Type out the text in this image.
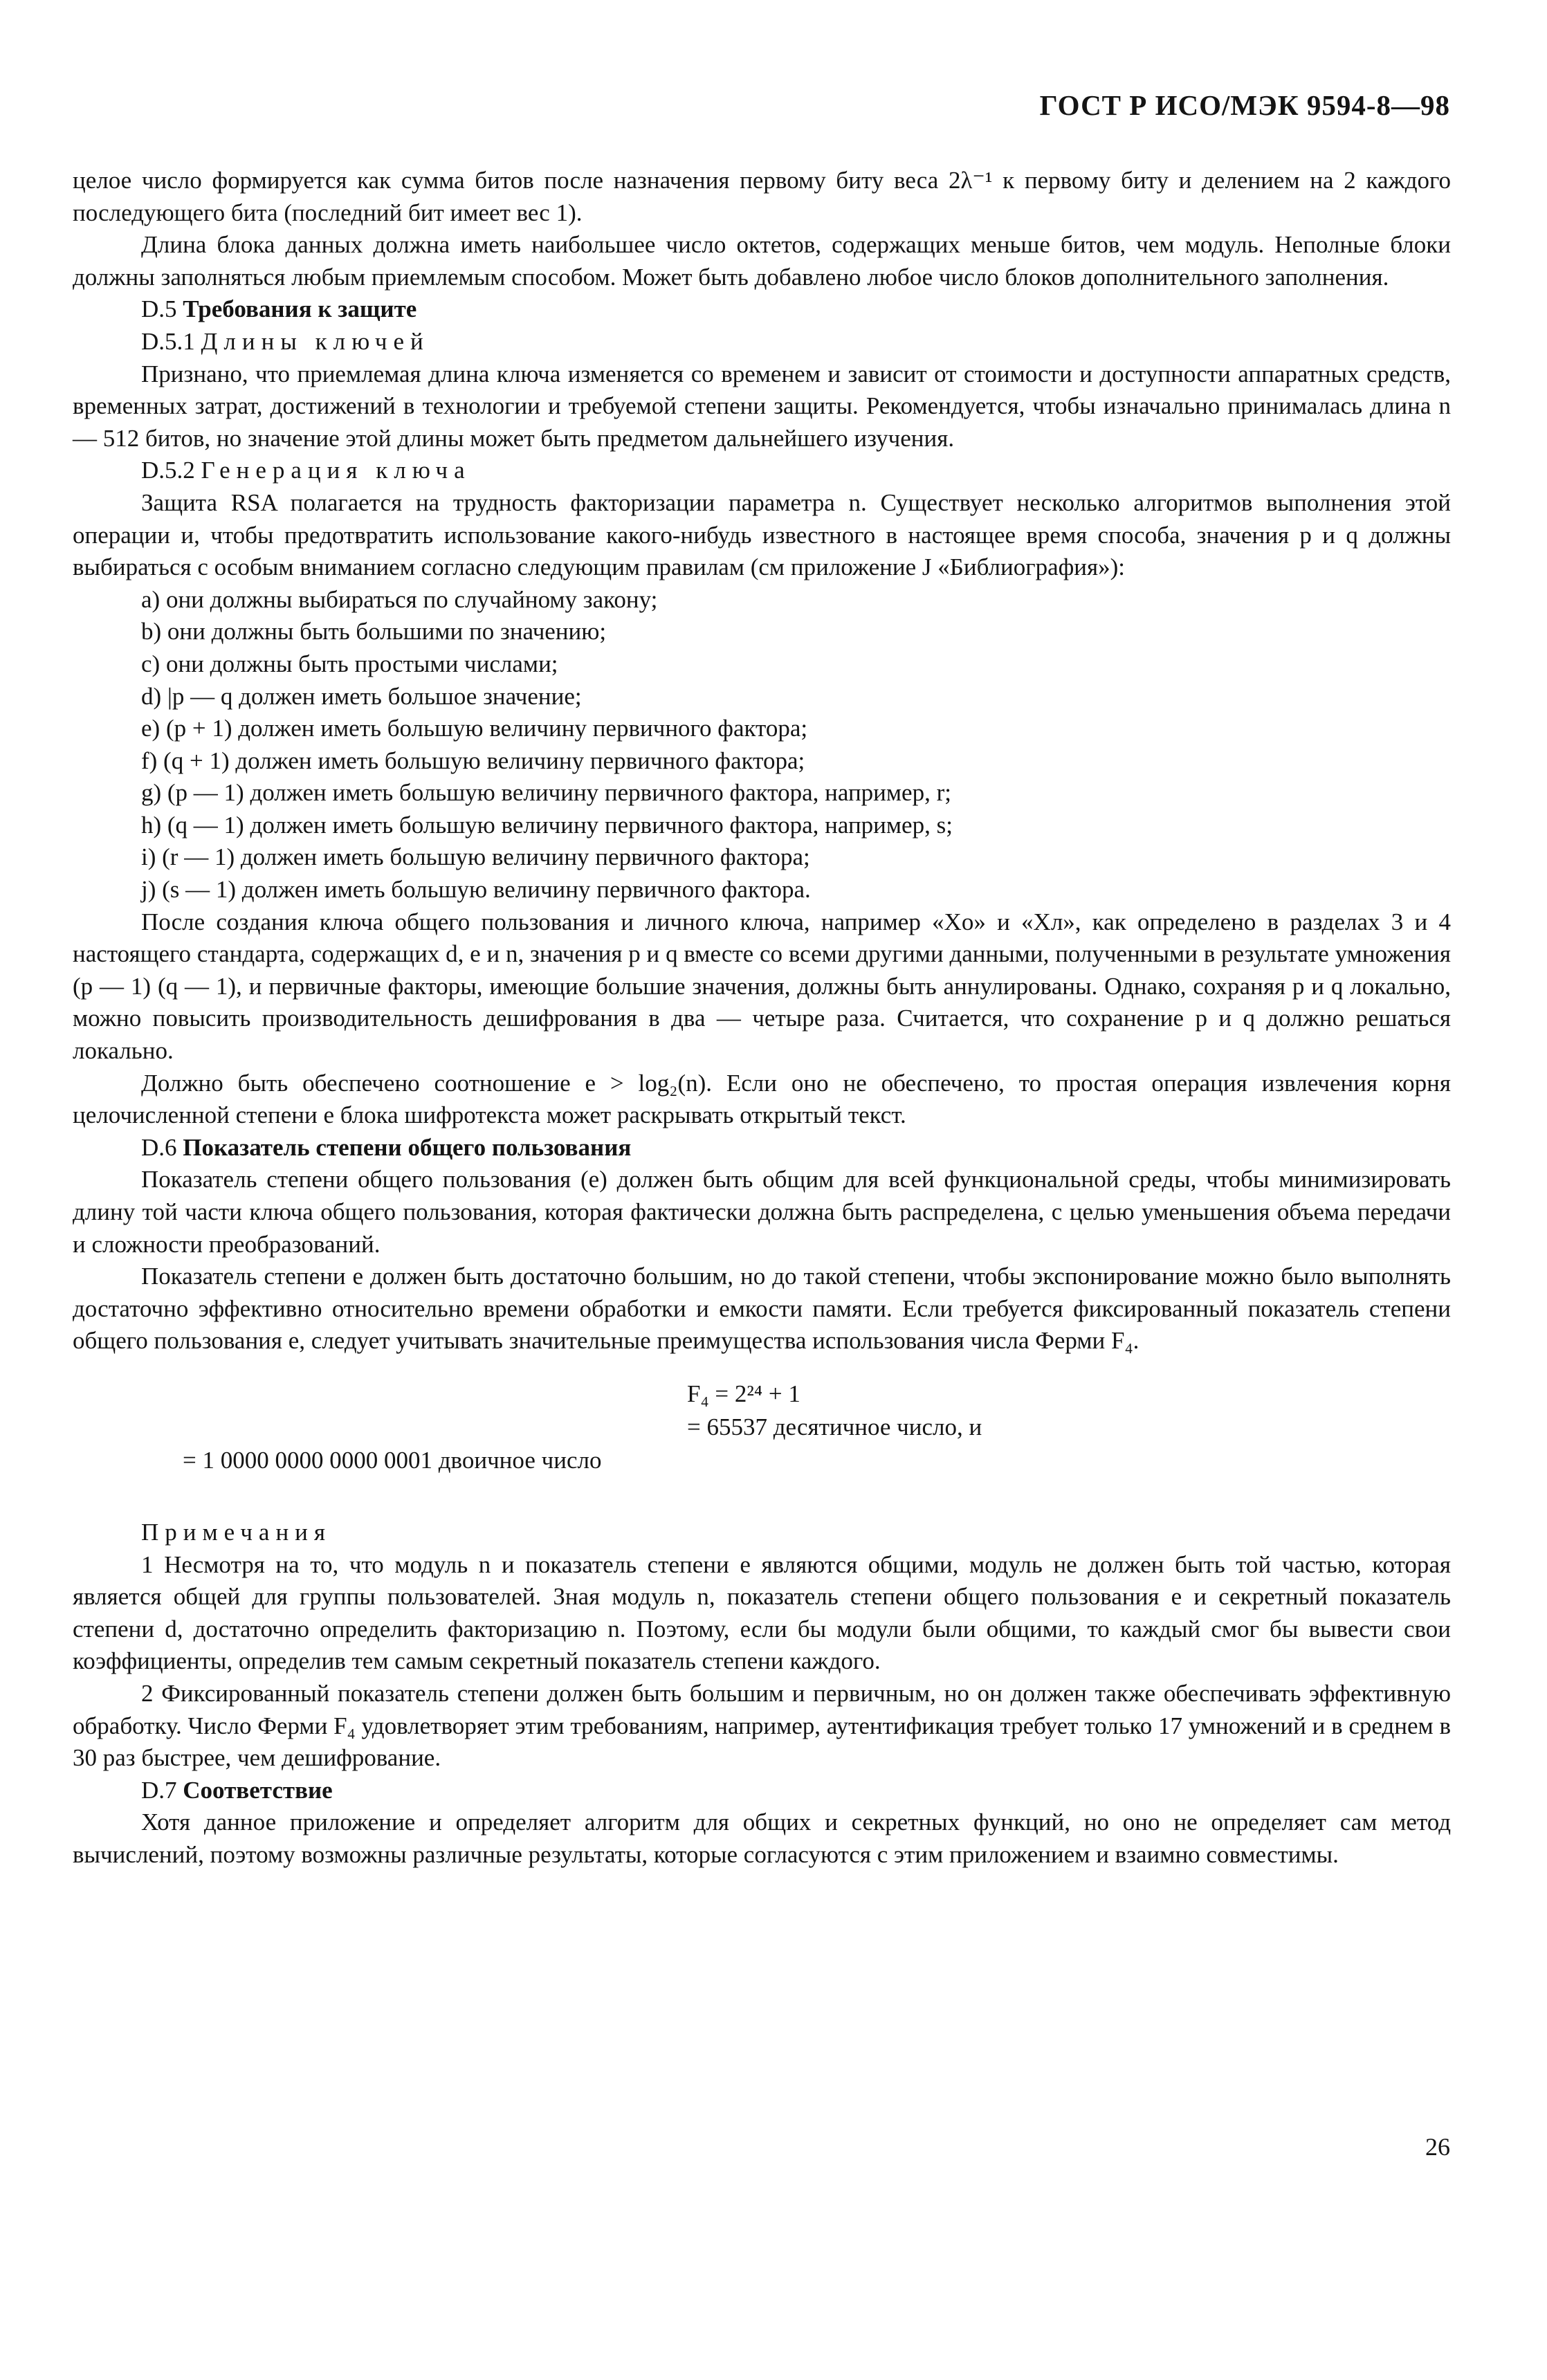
ГОСТ Р ИСО/МЭК 9594-8—98

целое число формируется как сумма битов после назначения первому биту веса 2λ⁻¹ к первому биту и делением на 2 каждого последующего бита (последний бит имеет вес 1).

Длина блока данных должна иметь наибольшее число октетов, содержащих меньше битов, чем модуль. Неполные блоки должны заполняться любым приемлемым способом. Может быть добавлено любое число блоков дополнительного заполнения.

D.5 Требования к защите

D.5.1 Длины ключей

Признано, что приемлемая длина ключа изменяется со временем и зависит от стоимости и доступности аппаратных средств, временных затрат, достижений в технологии и требуемой степени защиты. Рекомендуется, чтобы изначально принималась длина n — 512 битов, но значение этой длины может быть предметом дальнейшего изучения.

D.5.2 Генерация ключа

Защита RSA полагается на трудность факторизации параметра n. Существует несколько алгоритмов выполнения этой операции и, чтобы предотвратить использование какого-нибудь известного в настоящее время способа, значения p и q должны выбираться с особым вниманием согласно следующим правилам (см приложение J «Библиография»):

a) они должны выбираться по случайному закону;

b) они должны быть большими по значению;

c) они должны быть простыми числами;

d) |p — q должен иметь большое значение;

e) (p + 1) должен иметь большую величину первичного фактора;

f) (q + 1) должен иметь большую величину первичного фактора;

g) (p — 1) должен иметь большую величину первичного фактора, например, r;

h) (q — 1) должен иметь большую величину первичного фактора, например, s;

i) (r — 1) должен иметь большую величину первичного фактора;

j) (s — 1) должен иметь большую величину первичного фактора.

После создания ключа общего пользования и личного ключа, например «Xо» и «Xл», как определено в разделах 3 и 4 настоящего стандарта, содержащих d, e и n, значения p и q вместе со всеми другими данными, полученными в результате умножения (p — 1) (q — 1), и первичные факторы, имеющие большие значения, должны быть аннулированы. Однако, сохраняя p и q локально, можно повысить производительность дешифрования в два — четыре раза. Считается, что сохранение p и q должно решаться локально.

Должно быть обеспечено соотношение e > log₂(n). Если оно не обеспечено, то простая операция извлечения корня целочисленной степени e блока шифротекста может раскрывать открытый текст.

D.6 Показатель степени общего пользования

Показатель степени общего пользования (e) должен быть общим для всей функциональной среды, чтобы минимизировать длину той части ключа общего пользования, которая фактически должна быть распределена, с целью уменьшения объема передачи и сложности преобразований.

Показатель степени e должен быть достаточно большим, но до такой степени, чтобы экспонирование можно было выполнять достаточно эффективно относительно времени обработки и емкости памяти. Если требуется фиксированный показатель степени общего пользования e, следует учитывать значительные преимущества использования числа Ферми F₄.

F₄ = 2²⁴ + 1
= 65537 десятичное число, и
= 1 0000 0000 0000 0001 двоичное число

Примечания

1 Несмотря на то, что модуль n и показатель степени e являются общими, модуль не должен быть той частью, которая является общей для группы пользователей. Зная модуль n, показатель степени общего пользования e и секретный показатель степени d, достаточно определить факторизацию n. Поэтому, если бы модули были общими, то каждый смог бы вывести свои коэффициенты, определив тем самым секретный показатель степени каждого.

2 Фиксированный показатель степени должен быть большим и первичным, но он должен также обеспечивать эффективную обработку. Число Ферми F₄ удовлетворяет этим требованиям, например, аутентификация требует только 17 умножений и в среднем в 30 раз быстрее, чем дешифрование.

D.7 Соответствие

Хотя данное приложение и определяет алгоритм для общих и секретных функций, но оно не определяет сам метод вычислений, поэтому возможны различные результаты, которые согласуются с этим приложением и взаимно совместимы.

26
